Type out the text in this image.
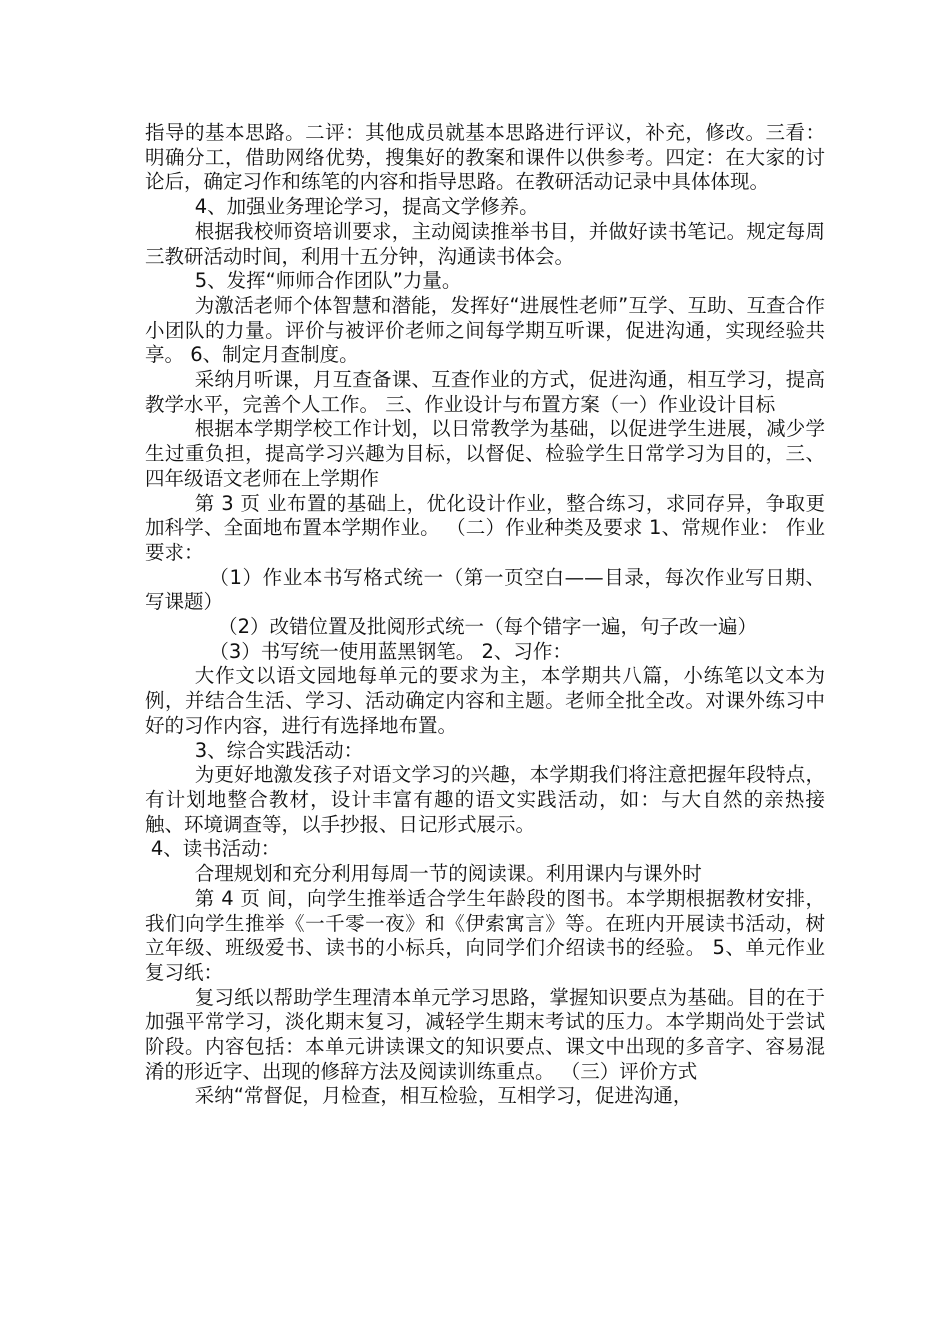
指导的基本思路。二评：其他成员就基本思路进行评议，补充，修改。三看：明确分工，借助网络优势，搜集好的教案和课件以供参考。四定：在大家的讨论后，确定习作和练笔的内容和指导思路。在教研活动记录中具体体现。

4、加强业务理论学习，提高文学修养。

根据我校师资培训要求，主动阅读推举书目，并做好读书笔记。规定每周三教研活动时间，利用十五分钟，沟通读书体会。

5、发挥“师师合作团队”力量。

为激活老师个体智慧和潜能，发挥好“进展性老师”互学、互助、互查合作小团队的力量。评价与被评价老师之间每学期互听课，促进沟通，实现经验共享。 6、制定月查制度。

采纳月听课，月互查备课、互查作业的方式，促进沟通，相互学习，提高教学水平，完善个人工作。 三、作业设计与布置方案（一）作业设计目标

根据本学期学校工作计划，以日常教学为基础，以促进学生进展，减少学生过重负担，提高学习兴趣为目标，以督促、检验学生日常学习为目的，三、四年级语文老师在上学期作

第 3 页 业布置的基础上，优化设计作业，整合练习，求同存异，争取更加科学、全面地布置本学期作业。 （二）作业种类及要求 1、常规作业： 作业要求：

（1）作业本书写格式统一（第一页空白——目录，每次作业写日期、写课题）

（2）改错位置及批阅形式统一（每个错字一遍，句子改一遍）

（3）书写统一使用蓝黑钢笔。 2、习作：

大作文以语文园地每单元的要求为主，本学期共八篇，小练笔以文本为例，并结合生活、学习、活动确定内容和主题。老师全批全改。对课外练习中好的习作内容，进行有选择地布置。

3、综合实践活动：

为更好地激发孩子对语文学习的兴趣，本学期我们将注意把握年段特点，有计划地整合教材，设计丰富有趣的语文实践活动，如：与大自然的亲热接触、环境调查等，以手抄报、日记形式展示。

4、读书活动：

合理规划和充分利用每周一节的阅读课。利用课内与课外时

第 4 页 间，向学生推举适合学生年龄段的图书。本学期根据教材安排，我们向学生推举《一千零一夜》和《伊索寓言》等。在班内开展读书活动，树立年级、班级爱书、读书的小标兵，向同学们介绍读书的经验。 5、单元作业复习纸：

复习纸以帮助学生理清本单元学习思路，掌握知识要点为基础。目的在于加强平常学习，淡化期末复习，减轻学生期末考试的压力。本学期尚处于尝试阶段。内容包括：本单元讲读课文的知识要点、课文中出现的多音字、容易混淆的形近字、出现的修辞方法及阅读训练重点。 （三）评价方式

采纳“常督促，月检查，相互检验，互相学习，促进沟通，
